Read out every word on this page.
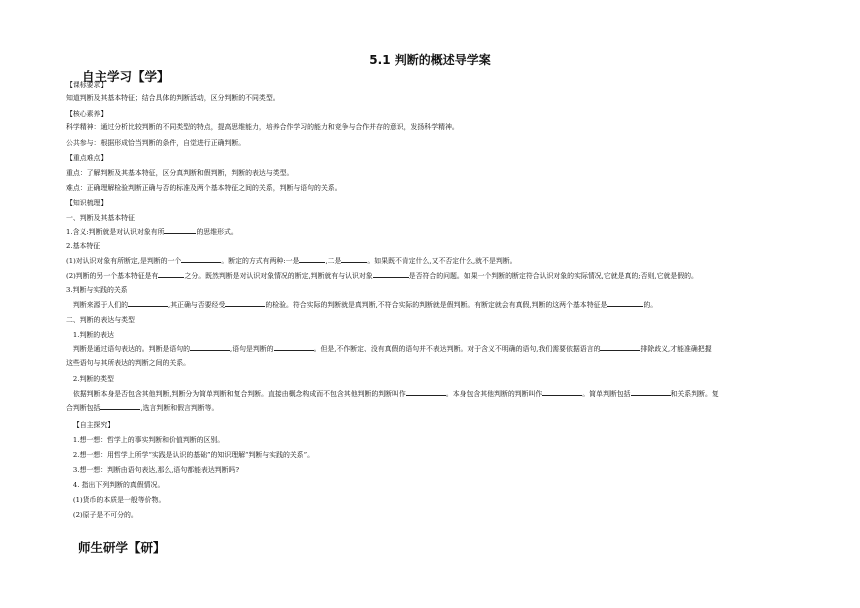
5.1 判断的概述导学案
自主学习【学】
【课标要求】
知道判断及其基本特征；结合具体的判断活动，区分判断的不同类型。
【核心素养】
科学精神：通过分析比较判断的不同类型的特点，提高思维能力，培养合作学习的能力和竞争与合作并存的意识，发扬科学精神。
公共参与：根据形成恰当判断的条件，自觉进行正确判断。
【重点难点】
重点：了解判断及其基本特征，区分真判断和假判断，判断的表达与类型。
难点：正确理解检验判断正确与否的标准及两个基本特征之间的关系，判断与语句的关系。
【知识梳理】
一、判断及其基本特征
1.含义:判断就是对认识对象有所	的思维形式。
2.基本特征
(1)对认识对象有所断定,是判断的一个	。断定的方式有两种:一是	,二是	。如果既不肯定什么,又不否定什么,就不是判断。
(2)判断的另一个基本特征是有	之分。既然判断是对认识对象情况的断定,判断就有与认识对象	是否符合的问题。如果一个判断的断定符合认识对象的实际情况,它就是真的;否则,它就是假的。
3.判断与实践的关系
判断来源于人们的	,其正确与否要经受	的检验。符合实际的判断就是真判断,不符合实际的判断就是假判断。有断定就会有真假,判断的这两个基本特征是	的。
二、判断的表达与类型
1.判断的表达
判断是通过语句表达的。判断是语句的	,语句是判断的	。但是,不作断定、没有真假的语句并不表达判断。对于含义不明确的语句,我们需要依据语言的	排除歧义,才能准确把握
这些语句与其所表达的判断之间的关系。
2.判断的类型
依据判断本身是否包含其他判断,判断分为简单判断和复合判断。直接由概念构成而不包含其他判断的判断叫作	。本身包含其他判断的判断叫作	。简单判断包括	和关系判断。复
合判断包括	,选言判断和假言判断等。
【自主探究】
1.想一想：哲学上的事实判断和价值判断的区别。
2.想一想：用哲学上所学“实践是认识的基础”的知识理解“判断与实践的关系”。
3.想一想：判断由语句表达,那么,语句都能表达判断吗?
4. 指出下列判断的真假情况。
(1)货币的本质是一般等价物。
(2)原子是不可分的。
师生研学【研】
